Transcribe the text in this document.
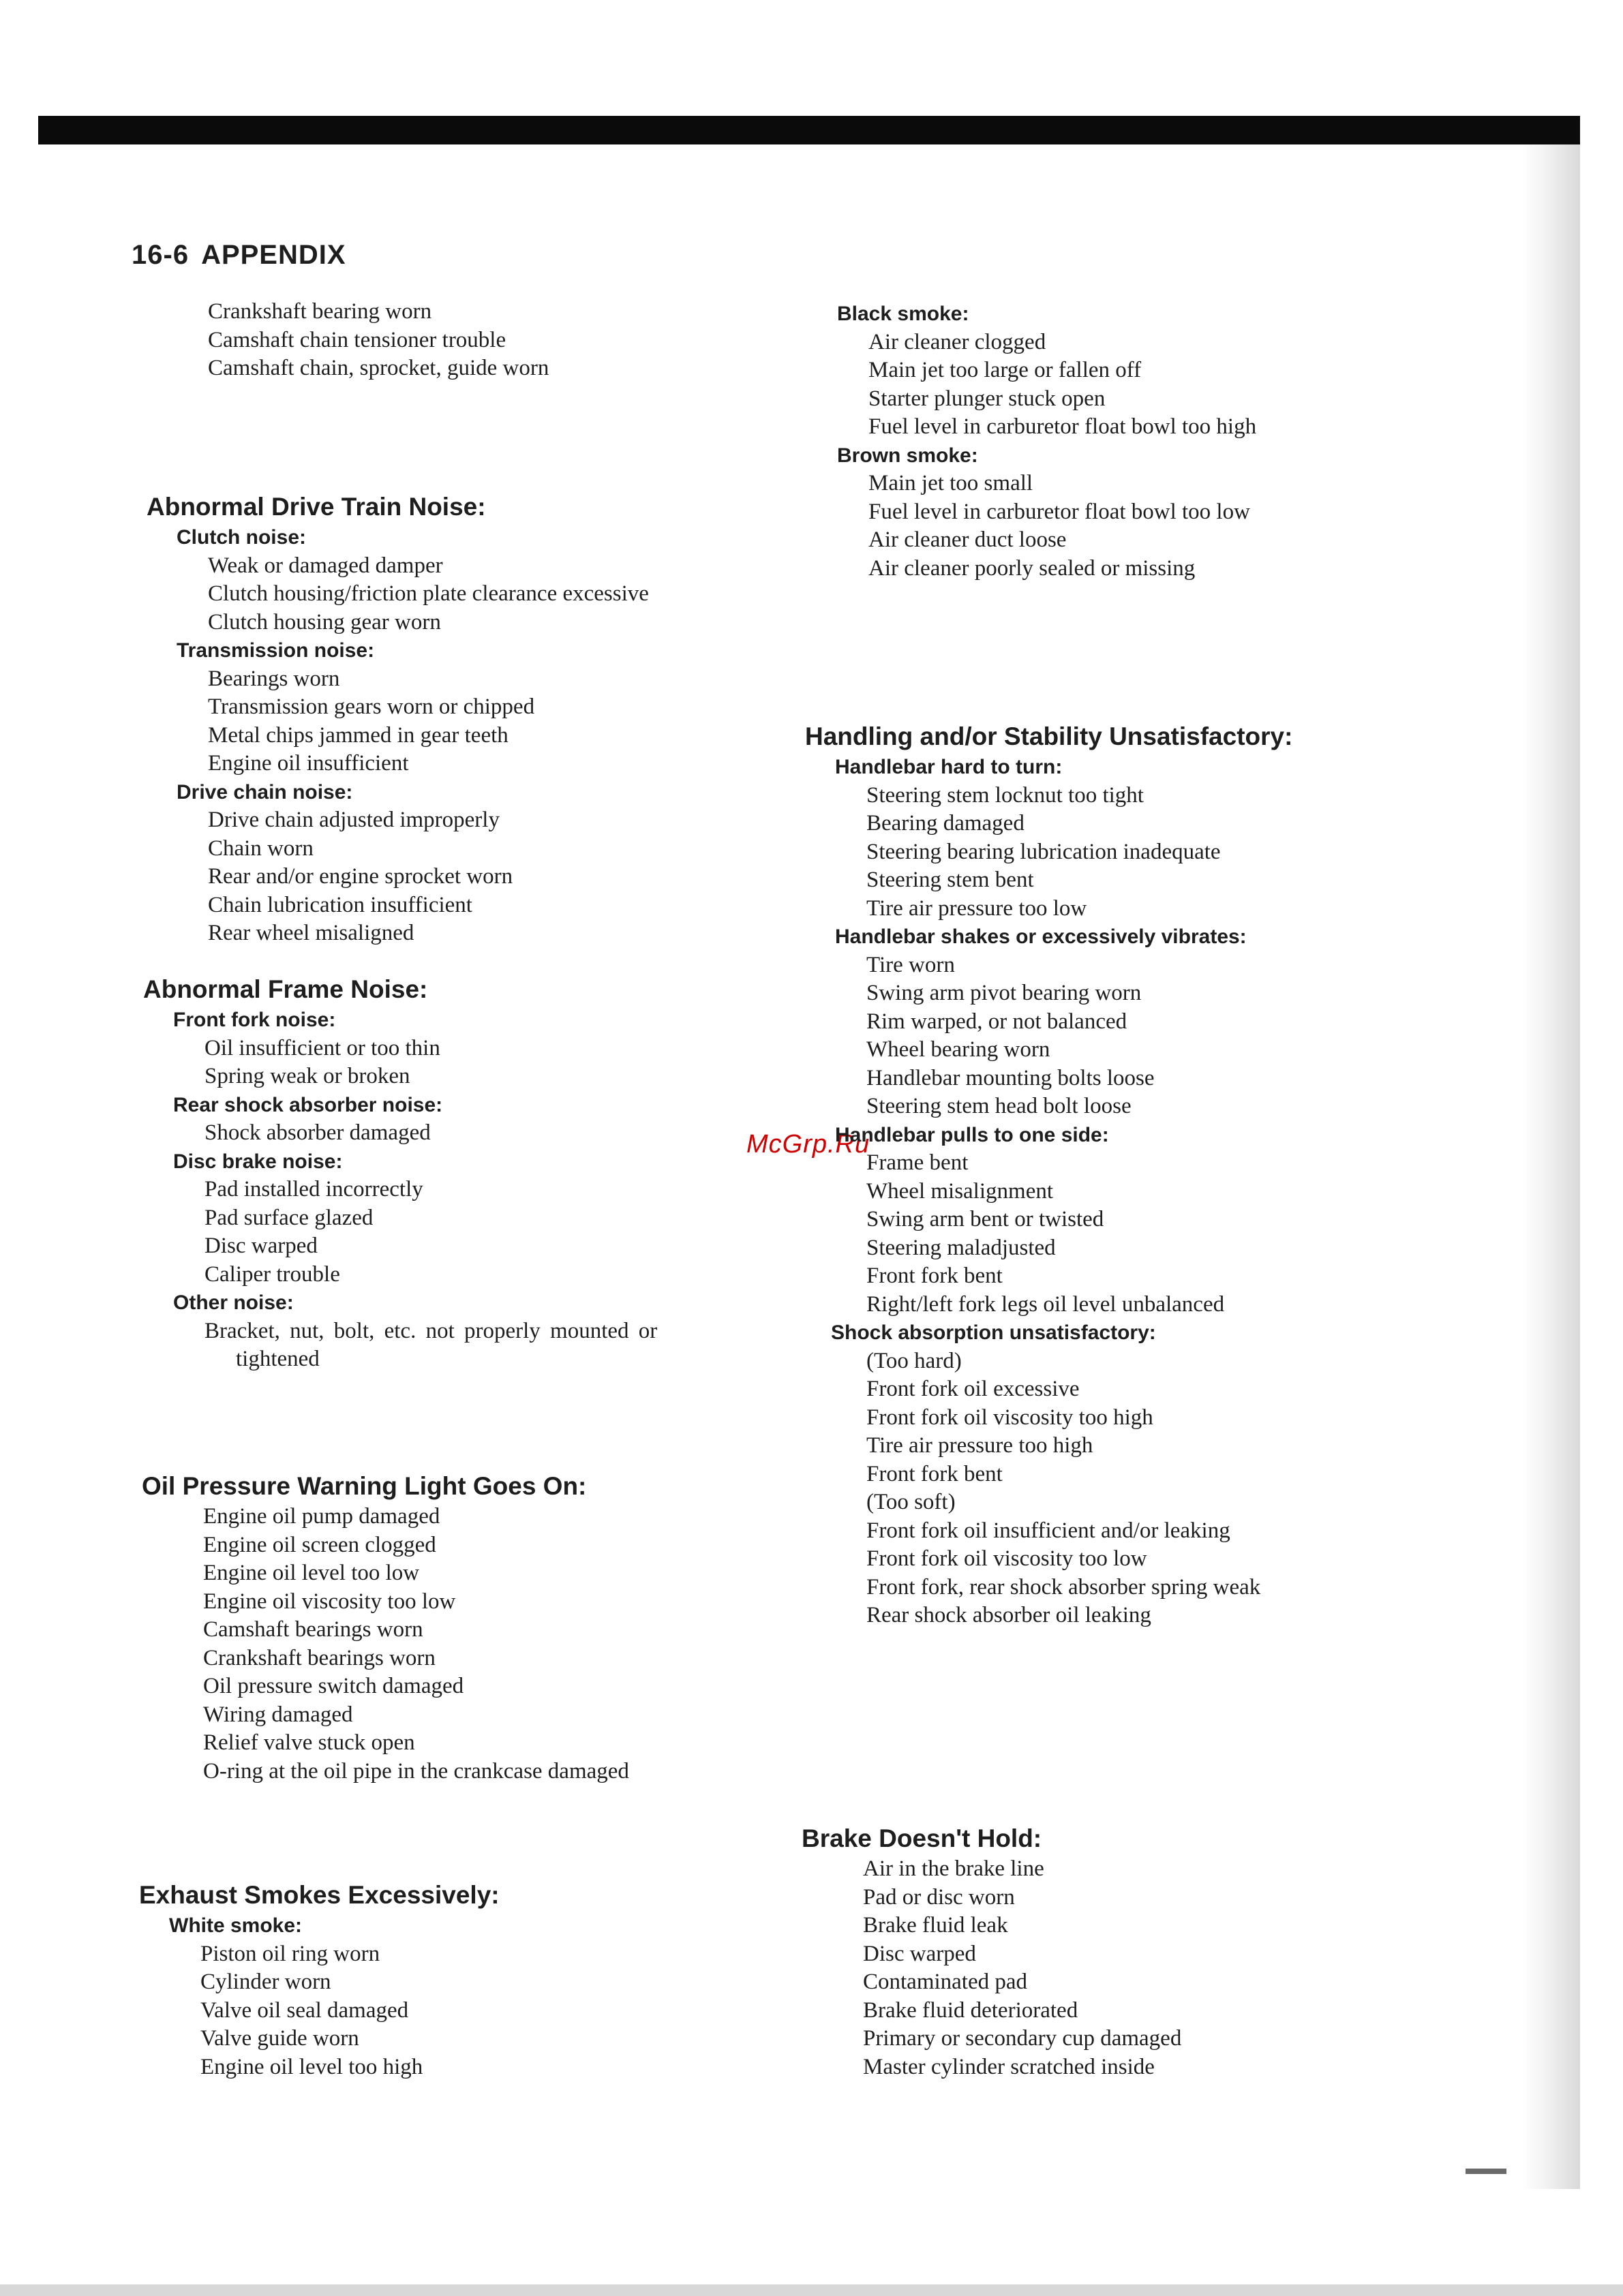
16-6 APPENDIX
McGrp.Ru
Crankshaft bearing worn
Camshaft chain tensioner trouble
Camshaft chain, sprocket, guide worn
Abnormal Drive Train Noise:
Clutch noise:
Weak or damaged damper
Clutch housing/friction plate clearance excessive
Clutch housing gear worn
Transmission noise:
Bearings worn
Transmission gears worn or chipped
Metal chips jammed in gear teeth
Engine oil insufficient
Drive chain noise:
Drive chain adjusted improperly
Chain worn
Rear and/or engine sprocket worn
Chain lubrication insufficient
Rear wheel misaligned
Abnormal Frame Noise:
Front fork noise:
Oil insufficient or too thin
Spring weak or broken
Rear shock absorber noise:
Shock absorber damaged
Disc brake noise:
Pad installed incorrectly
Pad surface glazed
Disc warped
Caliper trouble
Other noise:
Bracket, nut, bolt, etc. not properly mounted or
tightened
Oil Pressure Warning Light Goes On:
Engine oil pump damaged
Engine oil screen clogged
Engine oil level too low
Engine oil viscosity too low
Camshaft bearings worn
Crankshaft bearings worn
Oil pressure switch damaged
Wiring damaged
Relief valve stuck open
O-ring at the oil pipe in the crankcase damaged
Exhaust Smokes Excessively:
White smoke:
Piston oil ring worn
Cylinder worn
Valve oil seal damaged
Valve guide worn
Engine oil level too high
Black smoke:
Air cleaner clogged
Main jet too large or fallen off
Starter plunger stuck open
Fuel level in carburetor float bowl too high
Brown smoke:
Main jet too small
Fuel level in carburetor float bowl too low
Air cleaner duct loose
Air cleaner poorly sealed or missing
Handling and/or Stability Unsatisfactory:
Handlebar hard to turn:
Steering stem locknut too tight
Bearing damaged
Steering bearing lubrication inadequate
Steering stem bent
Tire air pressure too low
Handlebar shakes or excessively vibrates:
Tire worn
Swing arm pivot bearing worn
Rim warped, or not balanced
Wheel bearing worn
Handlebar mounting bolts loose
Steering stem head bolt loose
Handlebar pulls to one side:
Frame bent
Wheel misalignment
Swing arm bent or twisted
Steering maladjusted
Front fork bent
Right/left fork legs oil level unbalanced
Shock absorption unsatisfactory:
(Too hard)
Front fork oil excessive
Front fork oil viscosity too high
Tire air pressure too high
Front fork bent
(Too soft)
Front fork oil insufficient and/or leaking
Front fork oil viscosity too low
Front fork, rear shock absorber spring weak
Rear shock absorber oil leaking
Brake Doesn't Hold:
Air in the brake line
Pad or disc worn
Brake fluid leak
Disc warped
Contaminated pad
Brake fluid deteriorated
Primary or secondary cup damaged
Master cylinder scratched inside
